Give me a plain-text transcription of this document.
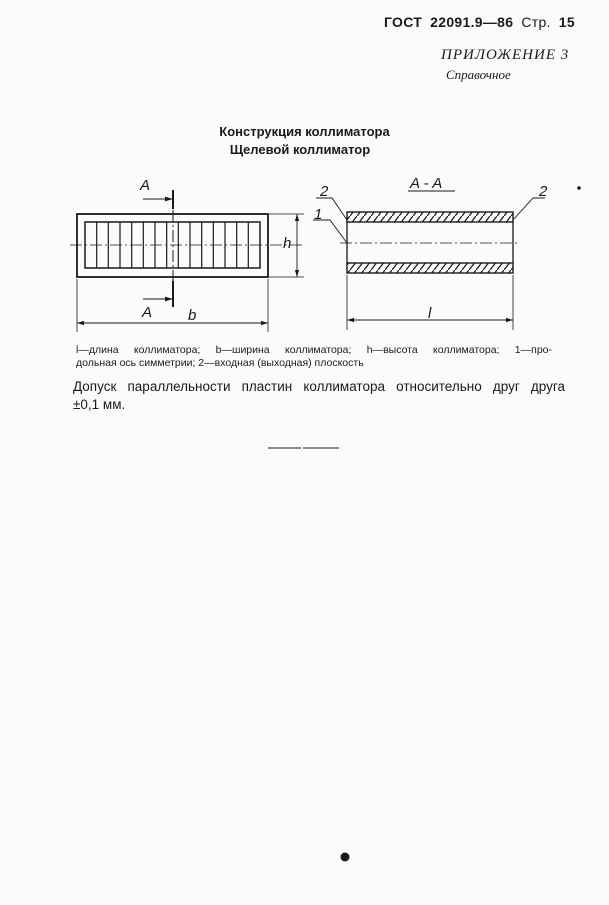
ГОСТ 22091.9—86 Стр. 15
ПРИЛОЖЕНИЕ 3
Справочное
Конструкция коллиматора
Щелевой коллиматор
A
A b
h
A - A
2
1
2
l
l—длина коллиматора; b—ширина коллиматора; h—высота коллиматора; 1—про-
дольная ось симметрии; 2—входная (выходная) плоскость
Допуск параллельности пластин коллиматора относительно друг друга
±0,1 мм.
